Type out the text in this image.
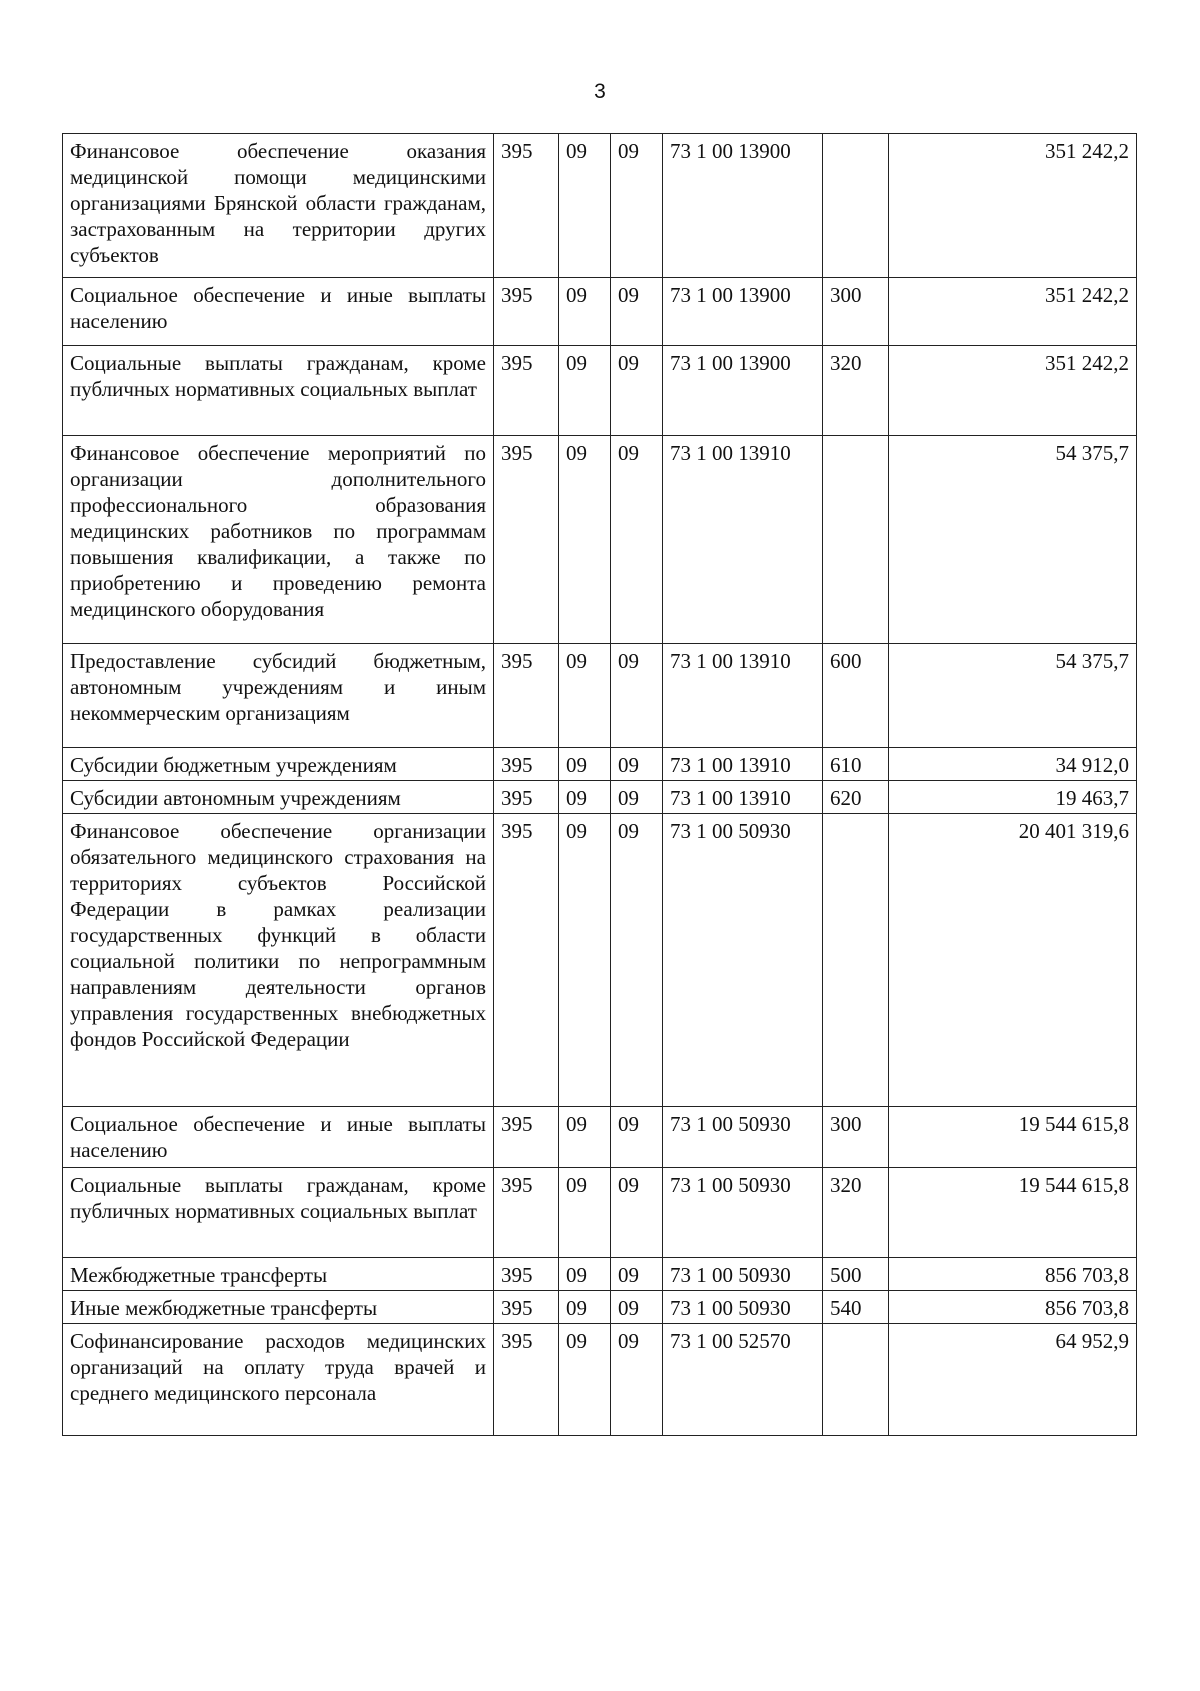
3
Финансовое обеспечение оказания медицинской помощи медицинскими организациями Брянской области гражданам, застрахованным на территории других субъектов	395	09	09	73 1 00 13900		351 242,2
Социальное обеспечение и иные выплаты населению	395	09	09	73 1 00 13900	300	351 242,2
Социальные выплаты гражданам, кроме публичных нормативных социальных выплат	395	09	09	73 1 00 13900	320	351 242,2
Финансовое обеспечение мероприятий по организации дополнительного профессионального образования медицинских работников по программам повышения квалификации, а также по приобретению и проведению ремонта медицинского оборудования	395	09	09	73 1 00 13910		54 375,7
Предоставление субсидий бюджетным, автономным учреждениям и иным некоммерческим организациям	395	09	09	73 1 00 13910	600	54 375,7
Субсидии бюджетным учреждениям	395	09	09	73 1 00 13910	610	34 912,0
Субсидии автономным учреждениям	395	09	09	73 1 00 13910	620	19 463,7
Финансовое обеспечение организации обязательного медицинского страхования на территориях субъектов Российской Федерации в рамках реализации государственных функций в области социальной политики по непрограммным направлениям деятельности органов управления государственных внебюджетных фондов Российской Федерации	395	09	09	73 1 00 50930		20 401 319,6
Социальное обеспечение и иные выплаты населению	395	09	09	73 1 00 50930	300	19 544 615,8
Социальные выплаты гражданам, кроме публичных нормативных социальных выплат	395	09	09	73 1 00 50930	320	19 544 615,8
Межбюджетные трансферты	395	09	09	73 1 00 50930	500	856 703,8
Иные межбюджетные трансферты	395	09	09	73 1 00 50930	540	856 703,8
Софинансирование расходов медицинских организаций на оплату труда врачей и среднего медицинского персонала	395	09	09	73 1 00 52570		64 952,9
